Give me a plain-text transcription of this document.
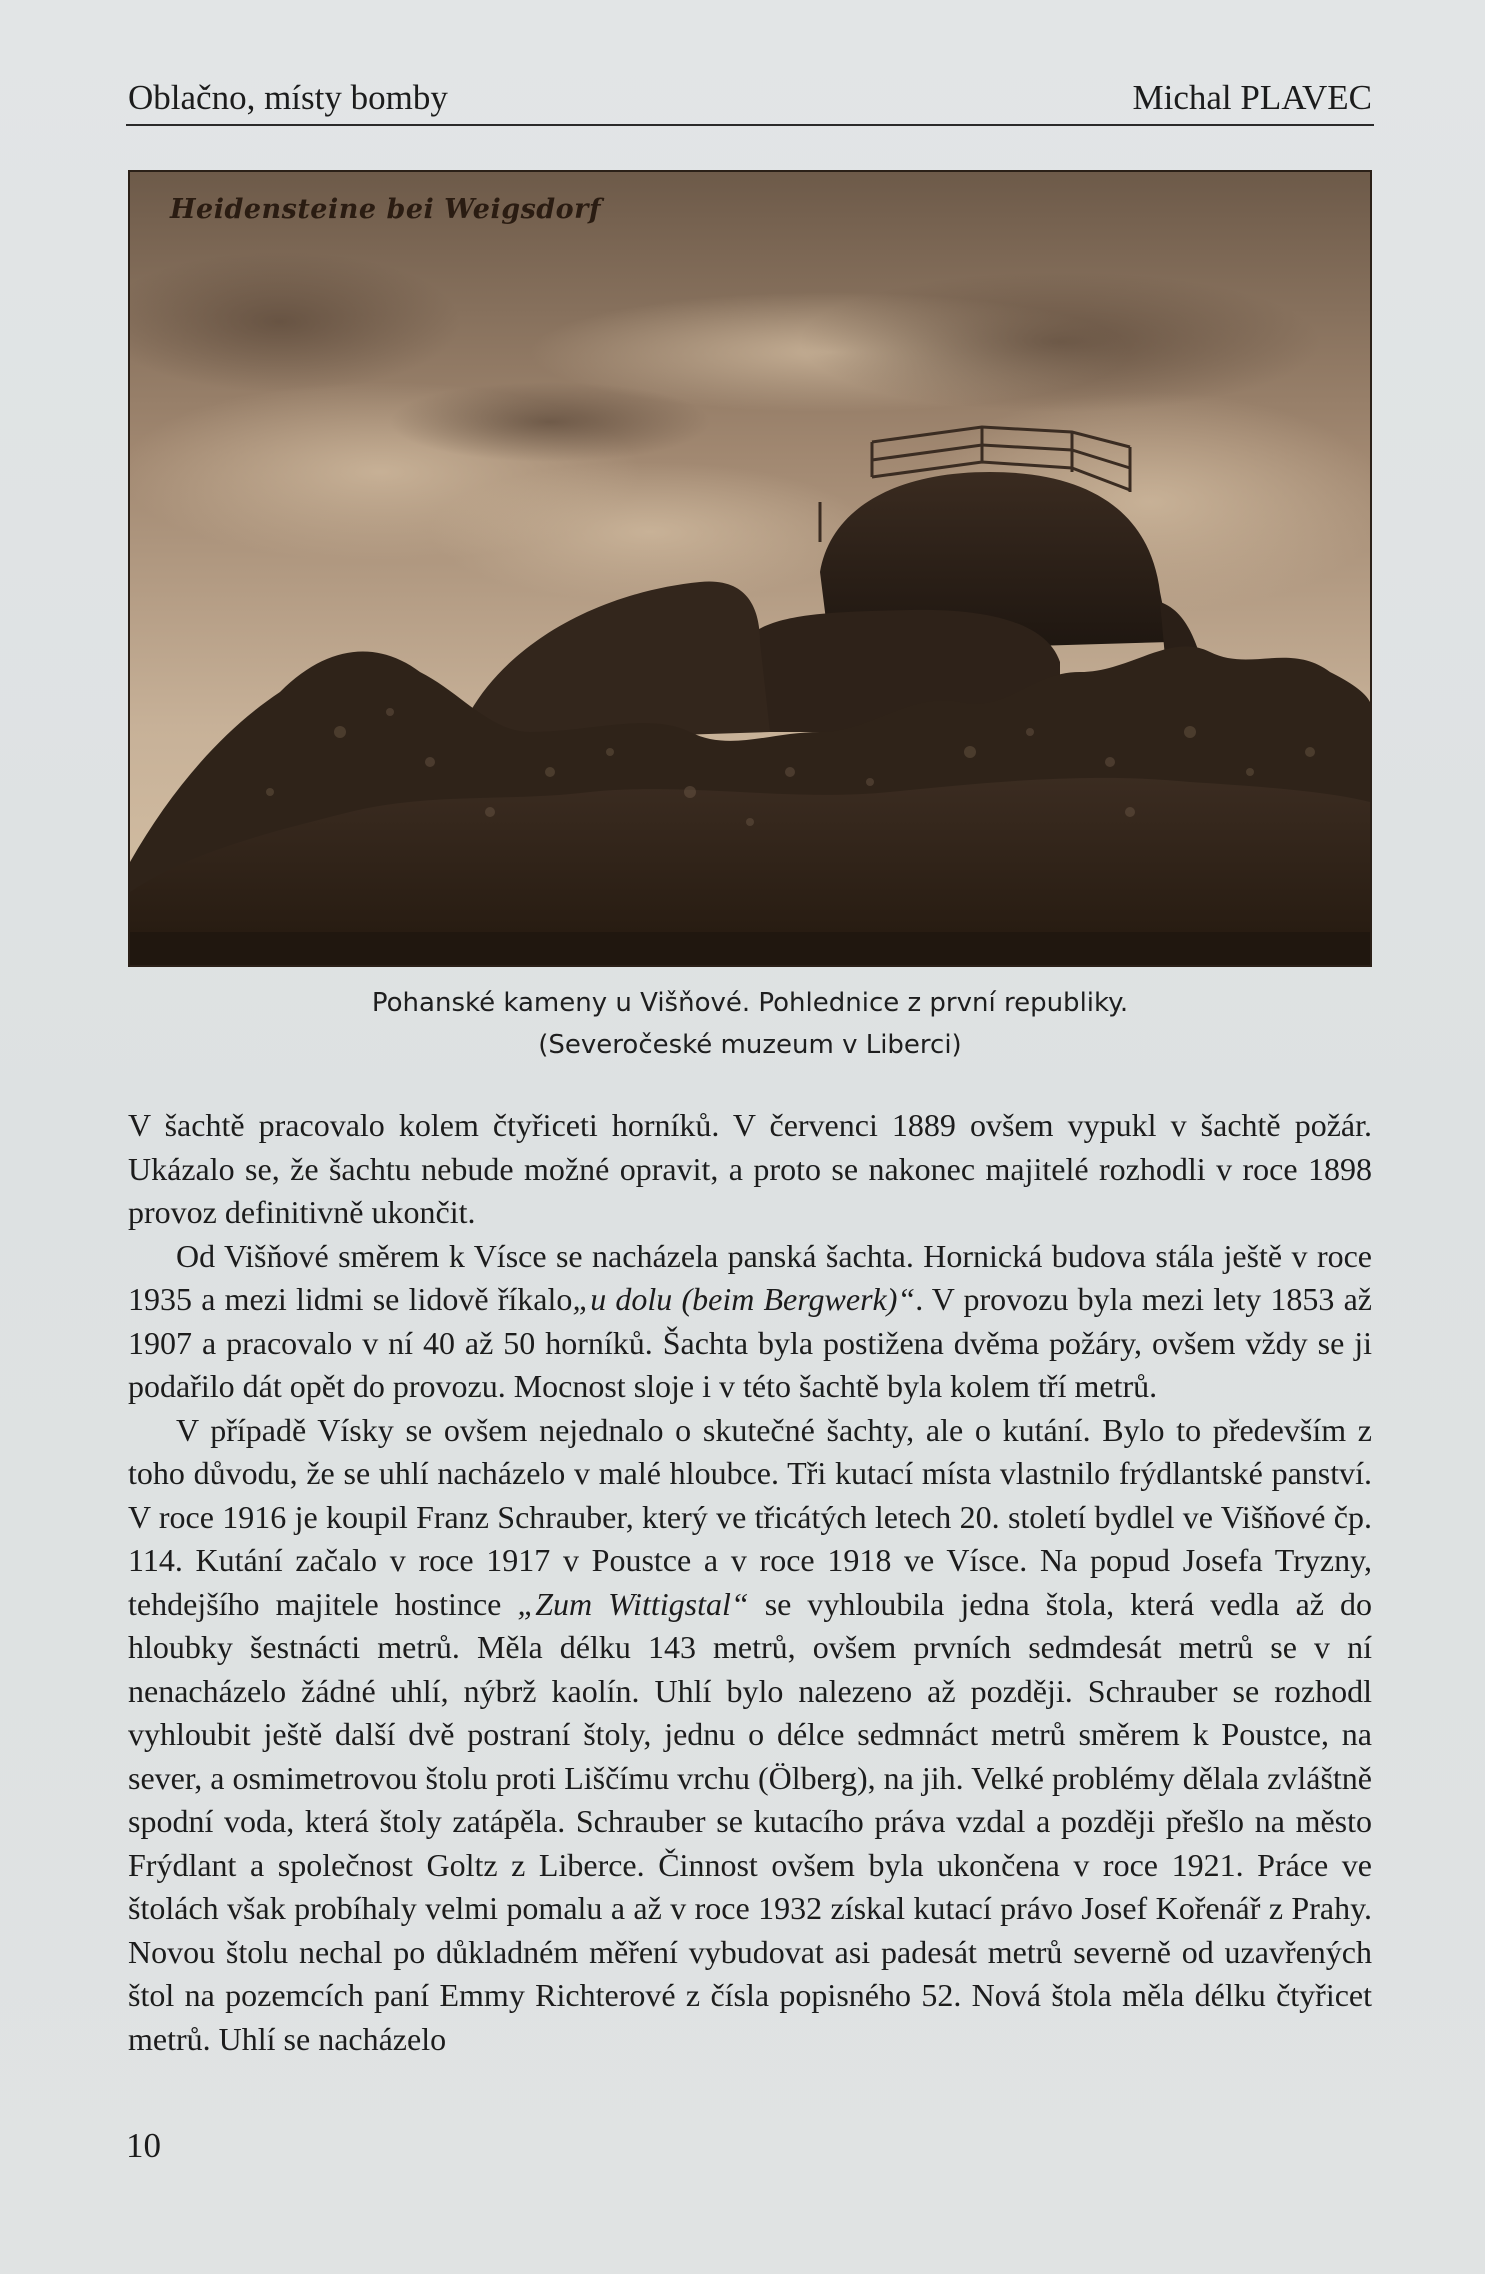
Oblačno, místy bomby	Michal PLAVEC
Heidensteine bei Weigsdorf
Pohanské kameny u Višňové. Pohlednice z první republiky.
(Severočeské muzeum v Liberci)

V šachtě pracovalo kolem čtyřiceti horníků. V červenci 1889 ovšem vypukl v šachtě požár. Ukázalo se, že šachtu nebude možné opravit, a proto se nakonec majitelé rozhodli v roce 1898 provoz definitivně ukončit.

Od Višňové směrem k Vísce se nacházela panská šachta. Hornická budova stála ještě v roce 1935 a mezi lidmi se lidově říkalo„u dolu (beim Bergwerk)“. V provozu byla mezi lety 1853 až 1907 a pracovalo v ní 40 až 50 horníků. Šachta byla postižena dvěma požáry, ovšem vždy se ji podařilo dát opět do provozu. Mocnost sloje i v této šachtě byla kolem tří metrů.

V případě Vísky se ovšem nejednalo o skutečné šachty, ale o kutání. Bylo to především z toho důvodu, že se uhlí nacházelo v malé hloubce. Tři kutací místa vlastnilo frýdlantské panství. V roce 1916 je koupil Franz Schrauber, který ve třicátých letech 20. století bydlel ve Višňové čp. 114. Kutání začalo v roce 1917 v Poustce a v roce 1918 ve Vísce. Na popud Josefa Tryzny, tehdejšího majitele hostince „Zum Wittigstal“ se vyhloubila jedna štola, která vedla až do hloubky šestnácti metrů. Měla délku 143 metrů, ovšem prvních sedmdesát metrů se v ní nenacházelo žádné uhlí, nýbrž kaolín. Uhlí bylo nalezeno až později. Schrauber se rozhodl vyhloubit ještě další dvě postraní štoly, jednu o délce sedmnáct metrů směrem k Poustce, na sever, a osmimetrovou štolu proti Liščímu vrchu (Ölberg), na jih. Velké problémy dělala zvláštně spodní voda, která štoly zatápěla. Schrauber se kutacího práva vzdal a později přešlo na město Frýdlant a společnost Goltz z Liberce. Činnost ovšem byla ukončena v roce 1921. Práce ve štolách však probíhaly velmi pomalu a až v roce 1932 získal kutací právo Josef Kořenář z Prahy. Novou štolu nechal po důkladném měření vybudovat asi padesát metrů severně od uzavřených štol na pozemcích paní Emmy Richterové z čísla popisného 52. Nová štola měla délku čtyřicet metrů. Uhlí se nacházelo

10
